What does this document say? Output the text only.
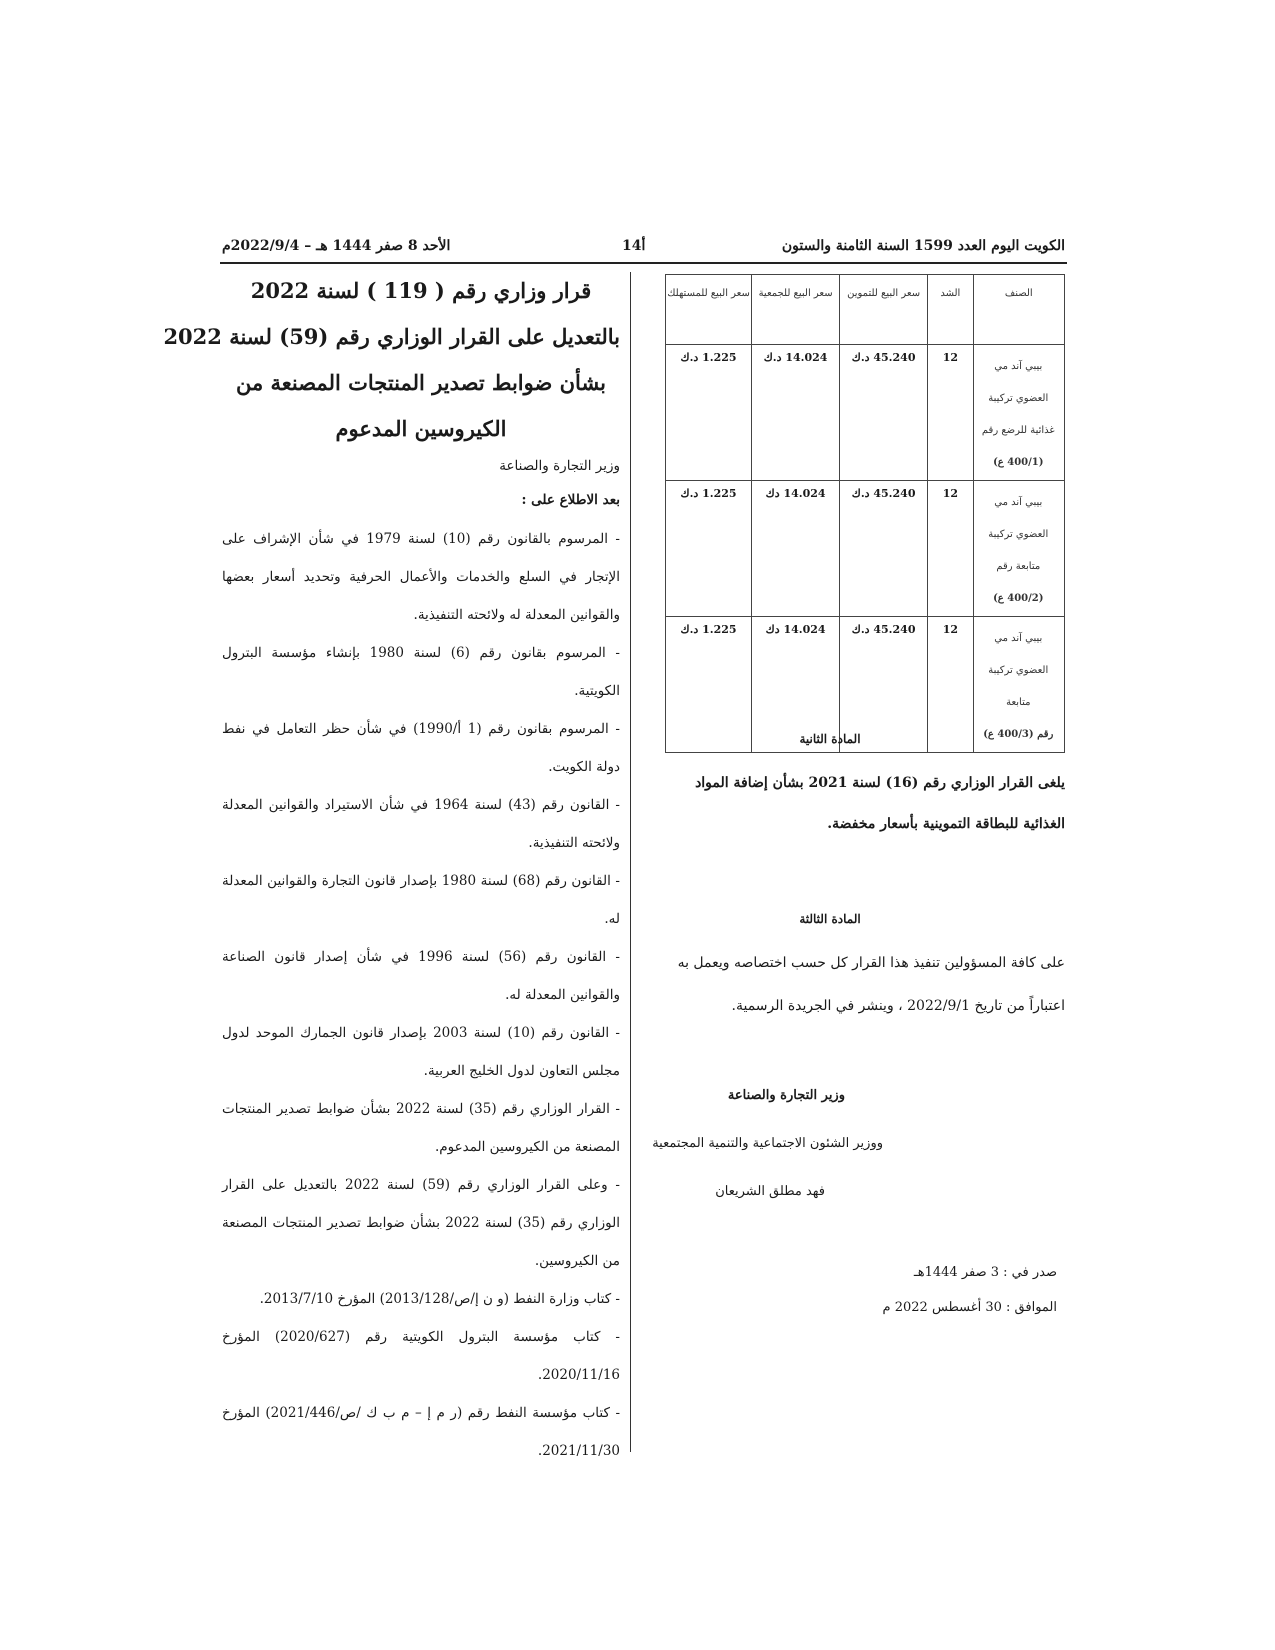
الكويت اليوم العدد 1599 السنة الثامنة والستون
14أ
الأحد 8 صفر 1444 هـ – 2022/9/4م
الصنف	الشد	سعر البيع للتموين	سعر البيع للجمعية	سعر البيع للمستهلك

بيبي آند مي
العضوي تركيبة
غذائية للرضع رقم
(400/1 ع)	12	45.240 د.ك	14.024 د.ك	1.225 د.ك

بيبي آند مي
العضوي تركيبة
متابعة رقم
(400/2 ع)	12	45.240 د.ك	14.024 دك	1.225 د.ك

بيبي آند مي
العضوي تركيبة
متابعة
رقم (400/3 ع)	12	45.240 د.ك	14.024 دك	1.225 د.ك
المادة الثانية
يلغى القرار الوزاري رقم (16) لسنة 2021 بشأن إضافة المواد
الغذائية للبطاقة التموينية بأسعار مخفضة.
المادة الثالثة
على كافة المسؤولين تنفيذ هذا القرار كل حسب اختصاصه ويعمل به
اعتباراً من تاريخ 2022/9/1 ، وينشر في الجريدة الرسمية.
وزير التجارة والصناعة
ووزير الشئون الاجتماعية والتنمية المجتمعية
فهد مطلق الشريعان
صدر في : 3 صفر 1444هـ
الموافق : 30 أغسطس 2022 م
قرار وزاري رقم ( 119 ) لسنة 2022
بالتعديل على القرار الوزاري رقم (59) لسنة 2022
بشأن ضوابط تصدير المنتجات المصنعة من
الكيروسين المدعوم
وزير التجارة والصناعة
بعد الاطلاع على :
- المرسوم بالقانون رقم (10) لسنة 1979 في شأن الإشراف على الإتجار في السلع والخدمات والأعمال الحرفية وتحديد أسعار بعضها والقوانين المعدلة له ولائحته التنفيذية.
- المرسوم بقانون رقم (6) لسنة 1980 بإنشاء مؤسسة البترول الكويتية.
- المرسوم بقانون رقم (1 أ/1990) في شأن حظر التعامل في نفط دولة الكويت.
- القانون رقم (43) لسنة 1964 في شأن الاستيراد والقوانين المعدلة ولائحته التنفيذية.
- القانون رقم (68) لسنة 1980 بإصدار قانون التجارة والقوانين المعدلة له.
- القانون رقم (56) لسنة 1996 في شأن إصدار قانون الصناعة والقوانين المعدلة له.
- القانون رقم (10) لسنة 2003 بإصدار قانون الجمارك الموحد لدول مجلس التعاون لدول الخليج العربية.
- القرار الوزاري رقم (35) لسنة 2022 بشأن ضوابط تصدير المنتجات المصنعة من الكيروسين المدعوم.
- وعلى القرار الوزاري رقم (59) لسنة 2022 بالتعديل على القرار الوزاري رقم (35) لسنة 2022 بشأن ضوابط تصدير المنتجات المصنعة من الكيروسين.
- كتاب وزارة النفط (و ن إ/ص/2013/128) المؤرخ 2013/7/10.
- كتاب مؤسسة البترول الكويتية رقم (2020/627) المؤرخ 2020/11/16.
- كتاب مؤسسة النفط رقم (ر م إ – م ب ك /ص/2021/446) المؤرخ 2021/11/30.
